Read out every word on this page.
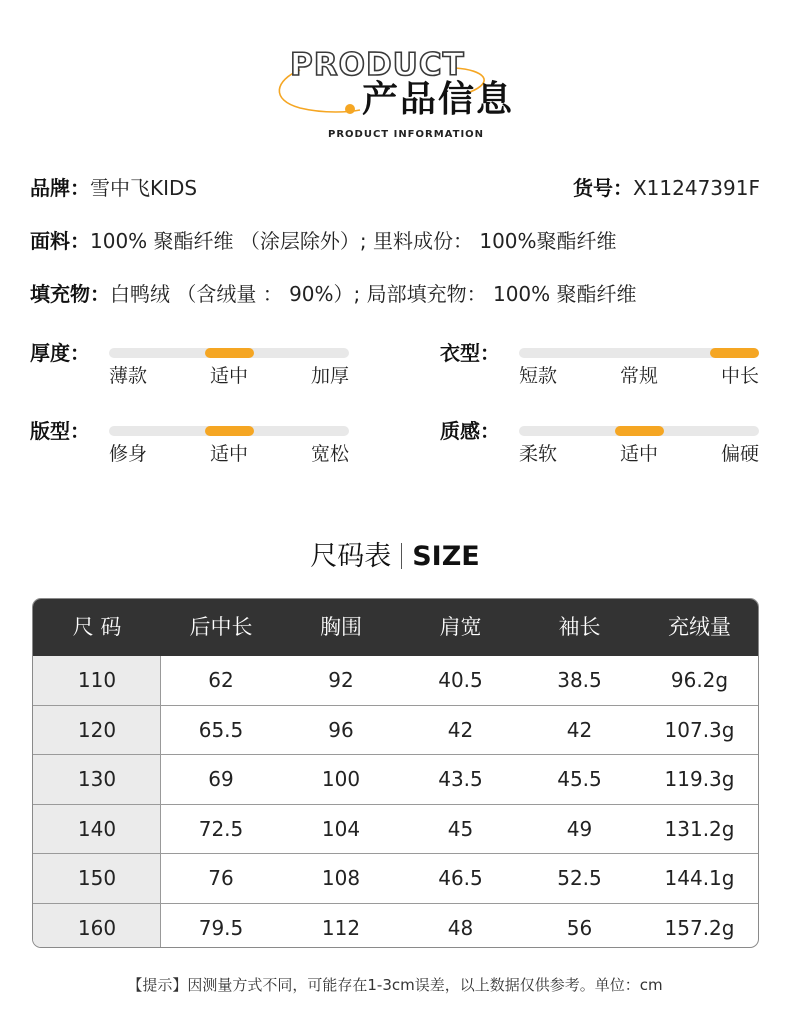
PRODUCT
产品信息
PRODUCT INFORMATION
品牌：雪中飞KIDS	货号：X11247391F
面料：100% 聚酯纤维 （涂层除外）; 里料成份： 100%聚酯纤维
填充物：白鸭绒 （含绒量 ： 90%）; 局部填充物： 100% 聚酯纤维
厚度：
薄款	适中	加厚
衣型：
短款	常规	中长
版型：
修身	适中	宽松
质感：
柔软	适中	偏硬
尺码表 SIZE
尺 码	后中长	胸围	肩宽	袖长	充绒量
110	62	92	40.5	38.5	96.2g
120	65.5	96	42	42	107.3g
130	69	100	43.5	45.5	119.3g
140	72.5	104	45	49	131.2g
150	76	108	46.5	52.5	144.1g
160	79.5	112	48	56	157.2g
【提示】因测量方式不同，可能存在1-3cm误差，以上数据仅供参考。单位：cm
